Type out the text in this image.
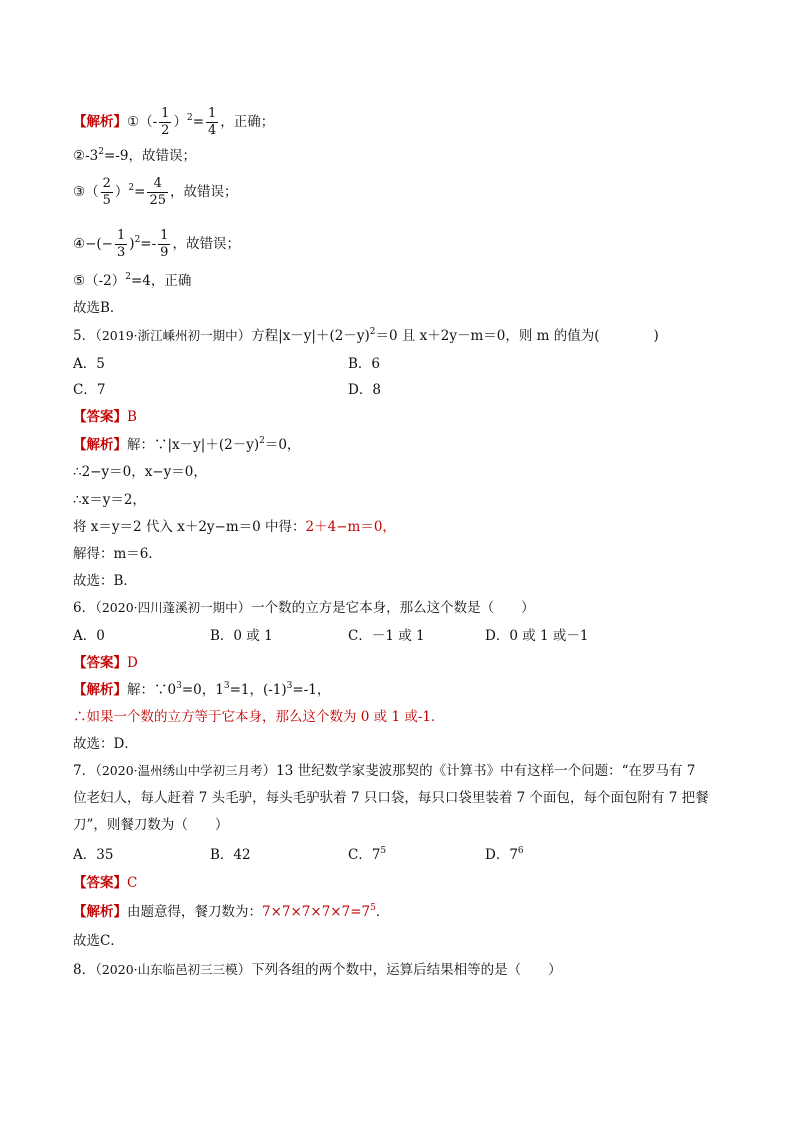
【解析】①（- $\frac{1}{2} )^2= \frac{1}{4}$ ，正确；
$②-3^2=-9$，故错误；
③（ $\frac{2}{5} )^2= \frac{4}{25}$ ，故错误；
④−(− $\frac{1}{3} )^2=- \frac{1}{9}$ ，故错误；
$⑤(-2)^2=4$，正确
故选B．
5．（2019·浙江嵊州初一期中）方程$|x-y|+(2-y)^2=0$ 且 x＋2y－m＝0，则 m 的值为(　　　　)
A．5	B．6
C．7	D．8
【答案】B
【解析】解：$\because|x-y|+(2-y)^2=0$，
∴2−y＝0，x−y＝0，
∴x＝y＝2，
将 x＝y＝2 代入 x＋2y−m＝0 中得：2＋4−m＝0，
解得：m＝6．
故选：B．
6．（2020·四川蓬溪初一期中）一个数的立方是它本身，那么这个数是（　　）
A．0	B．0 或 1	C．－1 或 1	D．0 或 1 或－1
【答案】D
【解析】解：$\because 0^3=0$，$1^3=1$，$(-1)^3=-1$，
∴如果一个数的立方等于它本身，那么这个数为 0 或 1 或-1．
故选：D．
7．（2020·温州绣山中学初三月考）13 世纪数学家斐波那契的《计算书》中有这样一个问题：“在罗马有 7
位老妇人，每人赶着 7 头毛驴，每头毛驴驮着 7 只口袋，每只口袋里装着 7 个面包，每个面包附有 7 把餐
刀”，则餐刀数为（　　）
A．35	B．42	C．$7^5$	D．$7^6$
【答案】C
【解析】由题意得，餐刀数为：$7\times 7\times 7\times 7\times 7=7^5$．
故选C．
8．（2020·山东临邑初三三模）下列各组的两个数中，运算后结果相等的是（　　）
